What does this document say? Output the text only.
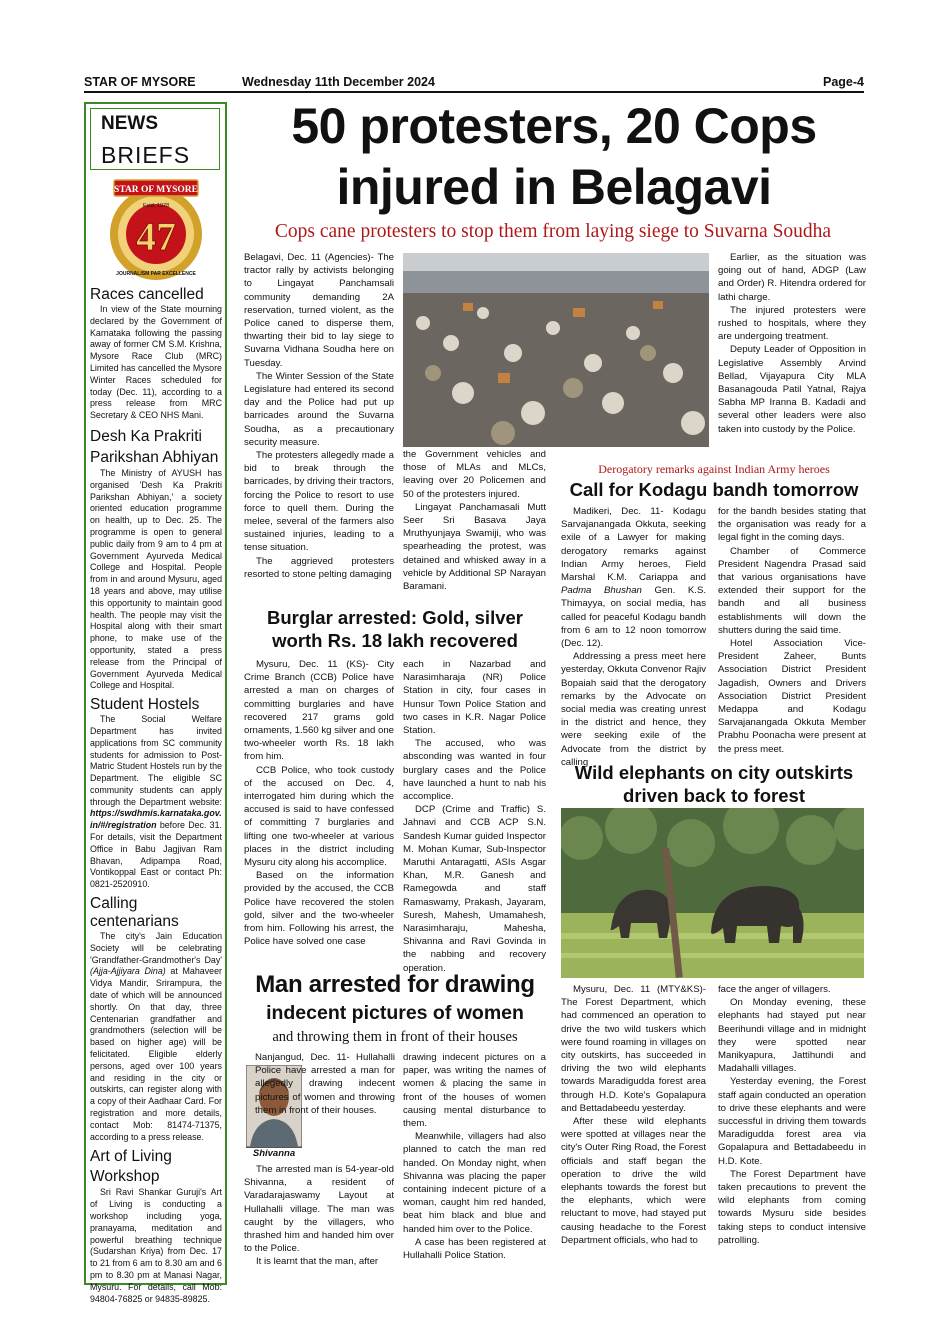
STAR OF MYSORE	Wednesday 11th December 2024	Page-4
NEWS
BRIEFS
STAR OF MYSORE
Estd. 1978
47
JOURNALISM PAR EXCELLENCE
Races cancelled

In view of the State mourning declared by the Government of Karnataka following the passing away of former CM S.M. Krishna, Mysore Race Club (MRC) Limited has cancelled the Mysore Winter Races scheduled for today (Dec. 11), according to a press release from MRC Secretary & CEO NHS Mani.

Desh Ka Prakriti Parikshan Abhiyan

The Ministry of AYUSH has organised 'Desh Ka Prakriti Parikshan Abhiyan,' a society oriented education programme on health, up to Dec. 25. The programme is open to general public daily from 9 am to 4 pm at Government Ayurveda Medical College and Hospital. People from in and around Mysuru, aged 18 years and above, may utilise this opportunity to maintain good health. The people may visit the Hospital along with their smart phone, to make use of the opportunity, stated a press release from the Principal of Government Ayurveda Medical College and Hospital.

Student Hostels

The Social Welfare Department has invited applications from SC community students for admission to Post-Matric Student Hostels run by the Department. The eligible SC community students can apply through the Department website: https://swdhmis.karnataka.gov.in/#/registration before Dec. 31. For details, visit the Department Office in Babu Jagjivan Ram Bhavan, Adipampa Road, Vontikoppal East or contact Ph: 0821-2520910.

Calling centenarians

The city's Jain Education Society will be celebrating 'Grandfather-Grandmother's Day' (Ajja-Ajjiyara Dina) at Mahaveer Vidya Mandir, Srirampura, the date of which will be announced shortly. On that day, three Centenarian grandfather and grandmothers (selection will be based on higher age) will be felicitated. Eligible elderly persons, aged over 100 years and residing in the city or outskirts, can register along with a copy of their Aadhaar Card. For registration and more details, contact Mob: 81474-71375, according to a press release.

Art of Living Workshop

Sri Ravi Shankar Guruji's Art of Living is conducting a workshop including yoga, pranayama, meditation and powerful breathing technique (Sudarshan Kriya) from Dec. 17 to 21 from 6 am to 8.30 am and 6 pm to 8.30 pm at Manasi Nagar, Mysuru. For details, call Mob: 94804-76825 or 94835-89825.

50 protesters, 20 Cops
injured in Belagavi
Cops cane protesters to stop them from laying siege to Suvarna Soudha

Belagavi, Dec. 11 (Agencies)- The tractor rally by activists belonging to Lingayat Panchamsali community demanding 2A reservation, turned violent, as the Police caned to disperse them, thwarting their bid to lay siege to Suvarna Vidhana Soudha here on Tuesday.

The Winter Session of the State Legislature had entered its second day and the Police had put up barricades around the Suvarna Soudha, as a precautionary security measure.

The protesters allegedly made a bid to break through the barricades, by driving their tractors, forcing the Police to resort to use force to quell them. During the melee, several of the farmers also sustained injuries, leading to a tense situation.

The aggrieved protesters resorted to stone pelting damaging

the Government vehicles and those of MLAs and MLCs, leaving over 20 Policemen and 50 of the protesters injured.

Lingayat Panchamasali Mutt Seer Sri Basava Jaya Mruthyunjaya Swamiji, who was spearheading the protest, was detained and whisked away in a vehicle by Additional SP Narayan Baramani.

Earlier, as the situation was going out of hand, ADGP (Law and Order) R. Hitendra ordered for lathi charge.

The injured protesters were rushed to hospitals, where they are undergoing treatment.

Deputy Leader of Opposition in Legislative Assembly Arvind Bellad, Vijayapura City MLA Basanagouda Patil Yatnal, Rajya Sabha MP Iranna B. Kadadi and several other leaders were also taken into custody by the Police.

Burglar arrested: Gold, silver
worth Rs. 18 lakh recovered

Mysuru, Dec. 11 (KS)- City Crime Branch (CCB) Police have arrested a man on charges of committing burglaries and have recovered 217 grams gold ornaments, 1.560 kg silver and one two-wheeler worth Rs. 18 lakh from him.

CCB Police, who took custody of the accused on Dec. 4, interrogated him during which the accused is said to have confessed of committing 7 burglaries and lifting one two-wheeler at various places in the district including Mysuru city along his accomplice.

Based on the information provided by the accused, the CCB Police have recovered the stolen gold, silver and the two-wheeler from him. Following his arrest, the Police have solved one case

each in Nazarbad and Narasimharaja (NR) Police Station in city, four cases in Hunsur Town Police Station and two cases in K.R. Nagar Police Station.

The accused, who was absconding was wanted in four burglary cases and the Police have launched a hunt to nab his accomplice.

DCP (Crime and Traffic) S. Jahnavi and CCB ACP S.N. Sandesh Kumar guided Inspector M. Mohan Kumar, Sub-Inspector Maruthi Antaragatti, ASIs Asgar Khan, M.R. Ganesh and Ramegowda and staff Ramaswamy, Prakash, Jayaram, Suresh, Mahesh, Umamahesh, Narasimharaju, Mahesha, Shivanna and Ravi Govinda in the nabbing and recovery operation.

Man arrested for drawing
indecent pictures of women
and throwing them in front of their houses
Shivanna

Nanjangud, Dec. 11- Hullahalli Police have arrested a man for allegedly drawing indecent pictures of women and throwing them in front of their houses.

The arrested man is 54-year-old Shivanna, a resident of Varadarajaswamy Layout at Hullahalli village. The man was caught by the villagers, who thrashed him and handed him over to the Police.

It is learnt that the man, after

drawing indecent pictures on a paper, was writing the names of women & placing the same in front of the houses of women causing mental disturbance to them.

Meanwhile, villagers had also planned to catch the man red handed. On Monday night, when Shivanna was placing the paper containing indecent picture of a woman, caught him red handed, beat him black and blue and handed him over to the Police.

A case has been registered at Hullahalli Police Station.

Derogatory remarks against Indian Army heroes
Call for Kodagu bandh tomorrow

Madikeri, Dec. 11- Kodagu Sarvajanangada Okkuta, seeking exile of a Lawyer for making derogatory remarks against Indian Army heroes, Field Marshal K.M. Cariappa and Padma Bhushan Gen. K.S. Thimayya, on social media, has called for peaceful Kodagu bandh from 6 am to 12 noon tomorrow (Dec. 12).

Addressing a press meet here yesterday, Okkuta Convenor Rajiv Bopaiah said that the derogatory remarks by the Advocate on social media was creating unrest in the district and hence, they were seeking exile of the Advocate from the district by calling

for the bandh besides stating that the organisation was ready for a legal fight in the coming days.

Chamber of Commerce President Nagendra Prasad said that various organisations have extended their support for the bandh and all business establishments will down the shutters during the said time.

Hotel Association Vice-President Zaheer, Bunts Association District President Jagadish, Owners and Drivers Association District President Medappa and Kodagu Sarvajanangada Okkuta Member Prabhu Poonacha were present at the press meet.

Wild elephants on city outskirts
driven back to forest

Mysuru, Dec. 11 (MTY&KS)- The Forest Department, which had commenced an operation to drive the two wild tuskers which were found roaming in villages on city outskirts, has succeeded in driving the two wild elephants towards Maradigudda forest area through H.D. Kote's Gopalapura and Bettadabeedu yesterday.

After these wild elephants were spotted at villages near the city's Outer Ring Road, the Forest officials and staff began the operation to drive the wild elephants towards the forest but the elephants, which were reluctant to move, had stayed put causing headache to the Forest Department officials, who had to

face the anger of villagers.

On Monday evening, these elephants had stayed put near Beerihundi village and in midnight they were spotted near Manikyapura, Jattihundi and Madahalli villages.

Yesterday evening, the Forest staff again conducted an operation to drive these elephants and were successful in driving them towards Maradigudda forest area via Gopalapura and Bettadabeedu in H.D. Kote.

The Forest Department have taken precautions to prevent the wild elephants from coming towards Mysuru side besides taking steps to conduct intensive patrolling.
